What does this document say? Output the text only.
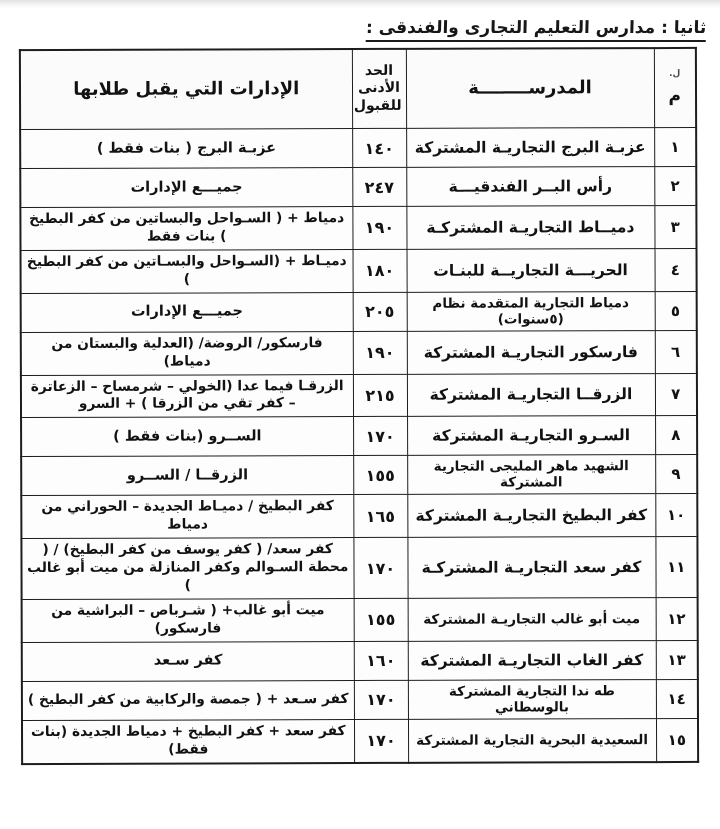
ثانيا : مدارس التعليم التجارى والفندقى :
ل.
م	المدرســــــــة	الحد الأدنى للقبول	الإدارات التي يقبل طلابها
١	عزبـة البرج التجاريـة المشتركة	١٤٠	عزبـة البرج ( بنات فقط )
٢	رأس البــر الفندقيـــة	٢٤٧	جميـــع الإدارات
٣	دميــاط التجاريـة المشتركـة	١٩٠	دمياط + ( السـواحل والبساتين من كفر البطيخ ) بنات فقط
٤	الحريـــة التجاريــة للبنـات	١٨٠	دميـاط + (السـواحل والبسـاتين من كفر البطيخ )
٥	دمياط التجارية المتقدمة نظام (٥سنوات)	٢٠٥	جميـــع الإدارات
٦	فارسكور التجاريـة المشتركة	١٩٠	فارسكور/ الروضة/ (العدلية والبستان من دمياط)
٧	الزرقــا التجاريـة المشتركة	٢١٥	الزرقـا فيما عدا (الخولي – شرمساح – الزعاترة – كفر تقي من الزرقا ) + السرو
٨	السـرو التجاريـة المشتركة	١٧٠	الســرو (بنات فقط )
٩	الشهيد ماهر المليجى التجارية المشتركة	١٥٥	الزرقــا / الســرو
١٠	كفر البطيخ التجاريـة المشتركة	١٦٥	كفر البطيخ / دميـاط الجديدة – الحوراني من دمياط
١١	كفر سعد التجاريـة المشتركـة	١٧٠	كفر سعد/ ( كفر يوسف من كفر البطيخ) / ( محطة السـوالم وكفر المنازلة من ميت أبو غالب )
١٢	ميت أبو غالب التجاريـة المشتركة	١٥٥	ميت أبو غالب+ ( شـرباص – البراشية من فارسكور)
١٣	كفر الغاب التجاريـة المشتركة	١٦٠	كفر سـعد
١٤	طه ندا التجارية المشتركة بالوسطاني	١٧٠	كفر سـعد + ( جمصة والركابية من كفر البطيخ )
١٥	السعيدية البحرية التجارية المشتركة	١٧٠	كفر سعد + كفر البطيخ + دمياط الجديدة (بنات فقط)
